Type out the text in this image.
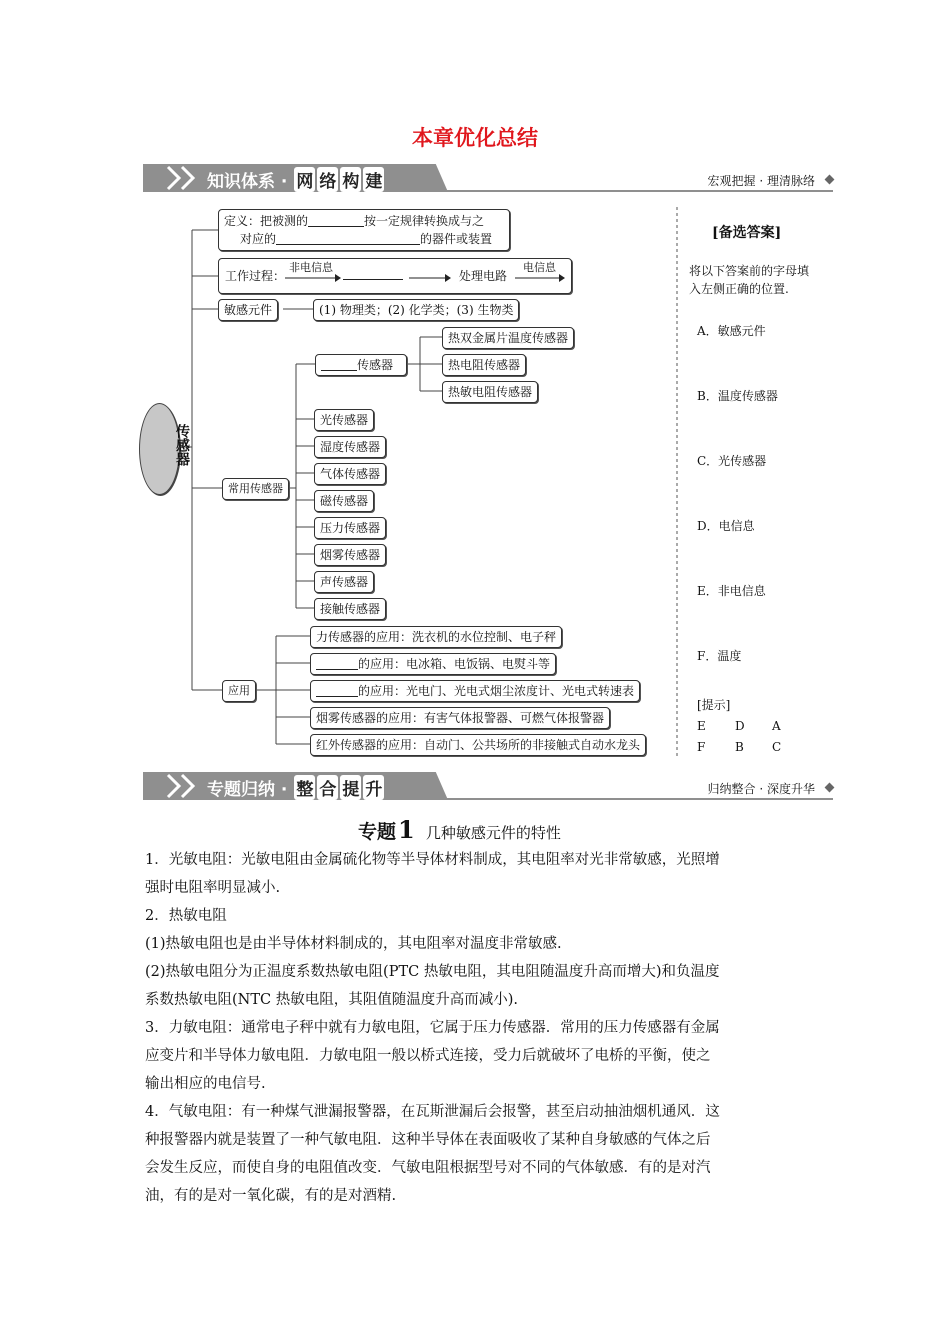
本章优化总结
知识体系 · 网 络 构 建	宏观把握 · 理清脉络
传感器
定义：把被测的	按一定规律转换成与之
对应的	的器件或装置
工作过程：
非电信息
处理电路
电信息
敏感元件	(1) 物理类；(2) 化学类；(3) 生物类
传感器
热双金属片温度传感器
热电阻传感器
热敏电阻传感器
常用传感器
光传感器
湿度传感器
气体传感器
磁传感器
压力传感器
烟雾传感器
声传感器
接触传感器
应用
力传感器的应用：洗衣机的水位控制、电子秤
的应用：电冰箱、电饭锅、电熨斗等
的应用：光电门、光电式烟尘浓度计、光电式转速表
烟雾传感器的应用：有害气体报警器、可燃气体报警器
红外传感器的应用：自动门、公共场所的非接触式自动水龙头
[备选答案]
将以下答案前的字母填
入左侧正确的位置.
A．敏感元件
B．温度传感器
C．光传感器
D．电信息
E．非电信息
F．温度
[提示]
E D A
F B C
专题归纳 · 整 合 提 升	归纳整合 · 深度升华
专题1 几种敏感元件的特性
1．光敏电阻：光敏电阻由金属硫化物等半导体材料制成，其电阻率对光非常敏感，光照增
强时电阻率明显减小.
2．热敏电阻
(1)热敏电阻也是由半导体材料制成的，其电阻率对温度非常敏感.
(2)热敏电阻分为正温度系数热敏电阻(PTC 热敏电阻，其电阻随温度升高而增大)和负温度
系数热敏电阻(NTC 热敏电阻，其阻值随温度升高而减小).
3．力敏电阻：通常电子秤中就有力敏电阻，它属于压力传感器．常用的压力传感器有金属
应变片和半导体力敏电阻．力敏电阻一般以桥式连接，受力后就破坏了电桥的平衡，使之
输出相应的电信号.
4．气敏电阻：有一种煤气泄漏报警器，在瓦斯泄漏后会报警，甚至启动抽油烟机通风．这
种报警器内就是装置了一种气敏电阻．这种半导体在表面吸收了某种自身敏感的气体之后
会发生反应，而使自身的电阻值改变．气敏电阻根据型号对不同的气体敏感．有的是对汽
油，有的是对一氧化碳，有的是对酒精.
